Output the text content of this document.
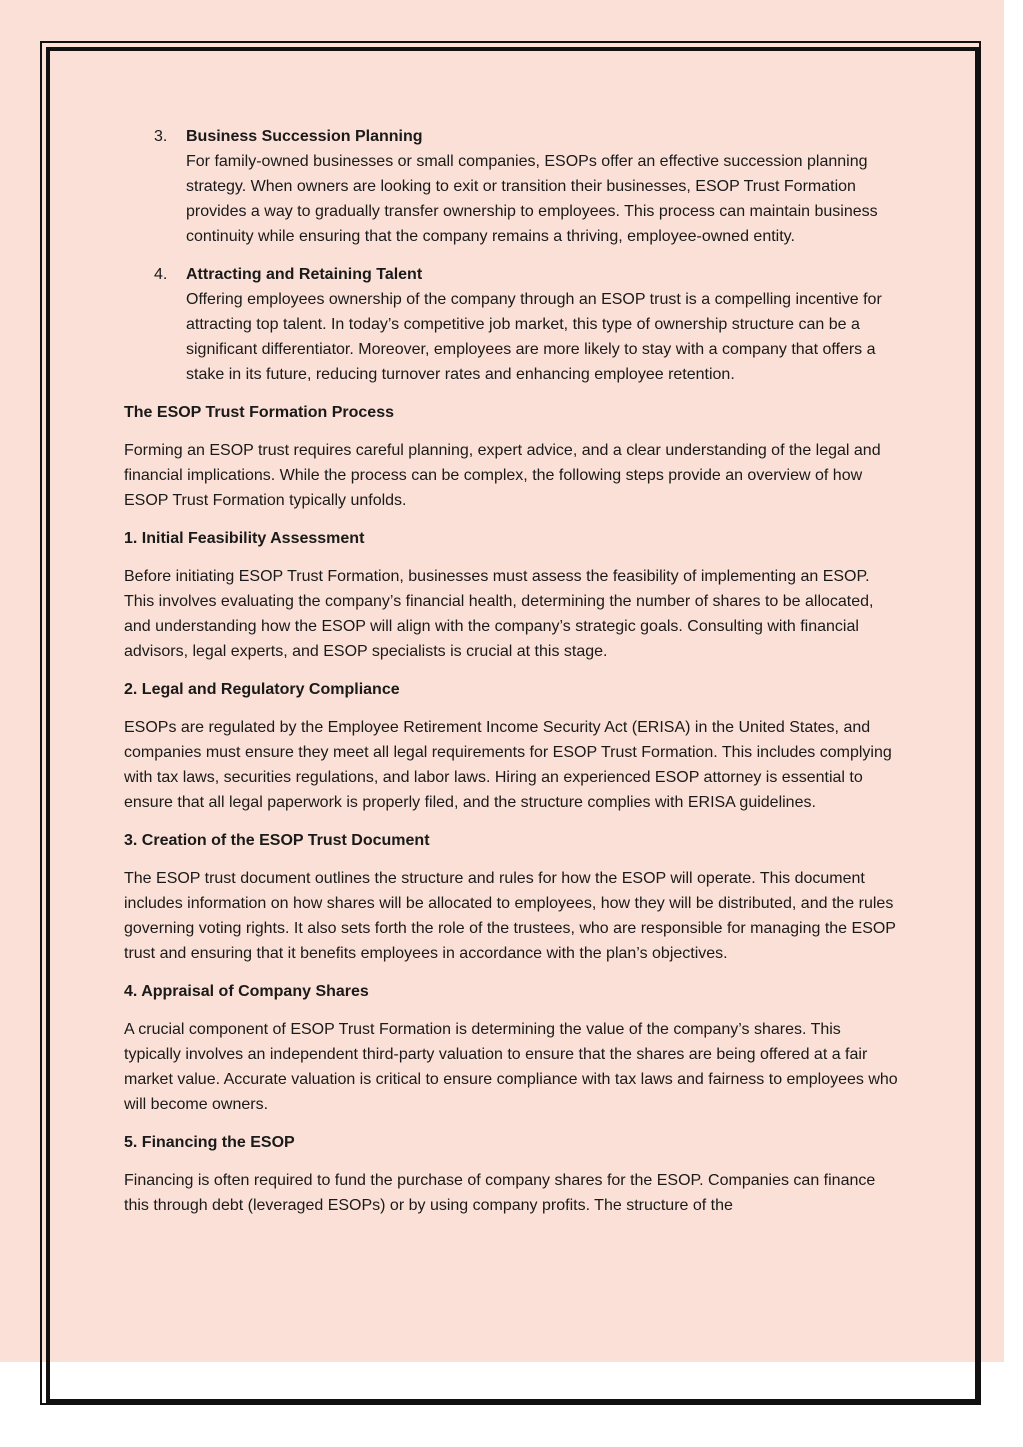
3. Business Succession Planning
For family-owned businesses or small companies, ESOPs offer an effective succession planning strategy. When owners are looking to exit or transition their businesses, ESOP Trust Formation provides a way to gradually transfer ownership to employees. This process can maintain business continuity while ensuring that the company remains a thriving, employee-owned entity.
4. Attracting and Retaining Talent
Offering employees ownership of the company through an ESOP trust is a compelling incentive for attracting top talent. In today’s competitive job market, this type of ownership structure can be a significant differentiator. Moreover, employees are more likely to stay with a company that offers a stake in its future, reducing turnover rates and enhancing employee retention.
The ESOP Trust Formation Process
Forming an ESOP trust requires careful planning, expert advice, and a clear understanding of the legal and financial implications. While the process can be complex, the following steps provide an overview of how ESOP Trust Formation typically unfolds.
1. Initial Feasibility Assessment
Before initiating ESOP Trust Formation, businesses must assess the feasibility of implementing an ESOP. This involves evaluating the company’s financial health, determining the number of shares to be allocated, and understanding how the ESOP will align with the company’s strategic goals. Consulting with financial advisors, legal experts, and ESOP specialists is crucial at this stage.
2. Legal and Regulatory Compliance
ESOPs are regulated by the Employee Retirement Income Security Act (ERISA) in the United States, and companies must ensure they meet all legal requirements for ESOP Trust Formation. This includes complying with tax laws, securities regulations, and labor laws. Hiring an experienced ESOP attorney is essential to ensure that all legal paperwork is properly filed, and the structure complies with ERISA guidelines.
3. Creation of the ESOP Trust Document
The ESOP trust document outlines the structure and rules for how the ESOP will operate. This document includes information on how shares will be allocated to employees, how they will be distributed, and the rules governing voting rights. It also sets forth the role of the trustees, who are responsible for managing the ESOP trust and ensuring that it benefits employees in accordance with the plan’s objectives.
4. Appraisal of Company Shares
A crucial component of ESOP Trust Formation is determining the value of the company’s shares. This typically involves an independent third-party valuation to ensure that the shares are being offered at a fair market value. Accurate valuation is critical to ensure compliance with tax laws and fairness to employees who will become owners.
5. Financing the ESOP
Financing is often required to fund the purchase of company shares for the ESOP. Companies can finance this through debt (leveraged ESOPs) or by using company profits. The structure of the
